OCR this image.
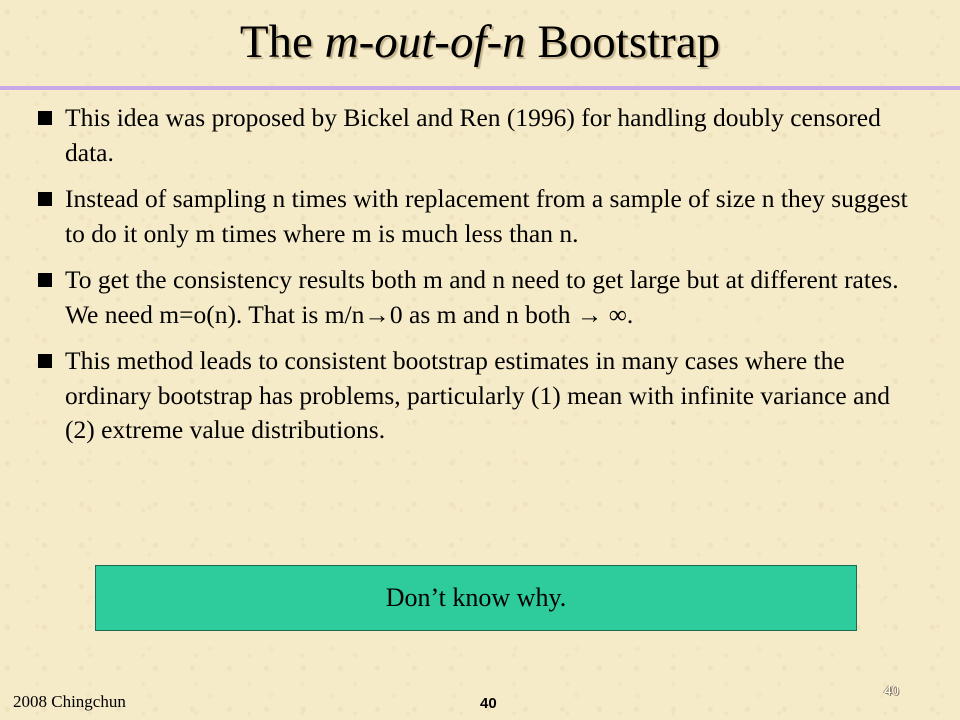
The m-out-of-n Bootstrap
This idea was proposed by Bickel and Ren (1996) for handling doubly censored data.
Instead of sampling n times with replacement from a sample of size n they suggest to do it only m times where m is much less than n.
To get the consistency results both m and n need to get large but at different rates. We need m=o(n). That is m/n→0 as m and n both → ∞.
This method leads to consistent bootstrap estimates in many cases where the ordinary bootstrap has problems, particularly (1) mean with infinite variance and (2) extreme value distributions.
Don’t know why.
2008 Chingchun	40
40
